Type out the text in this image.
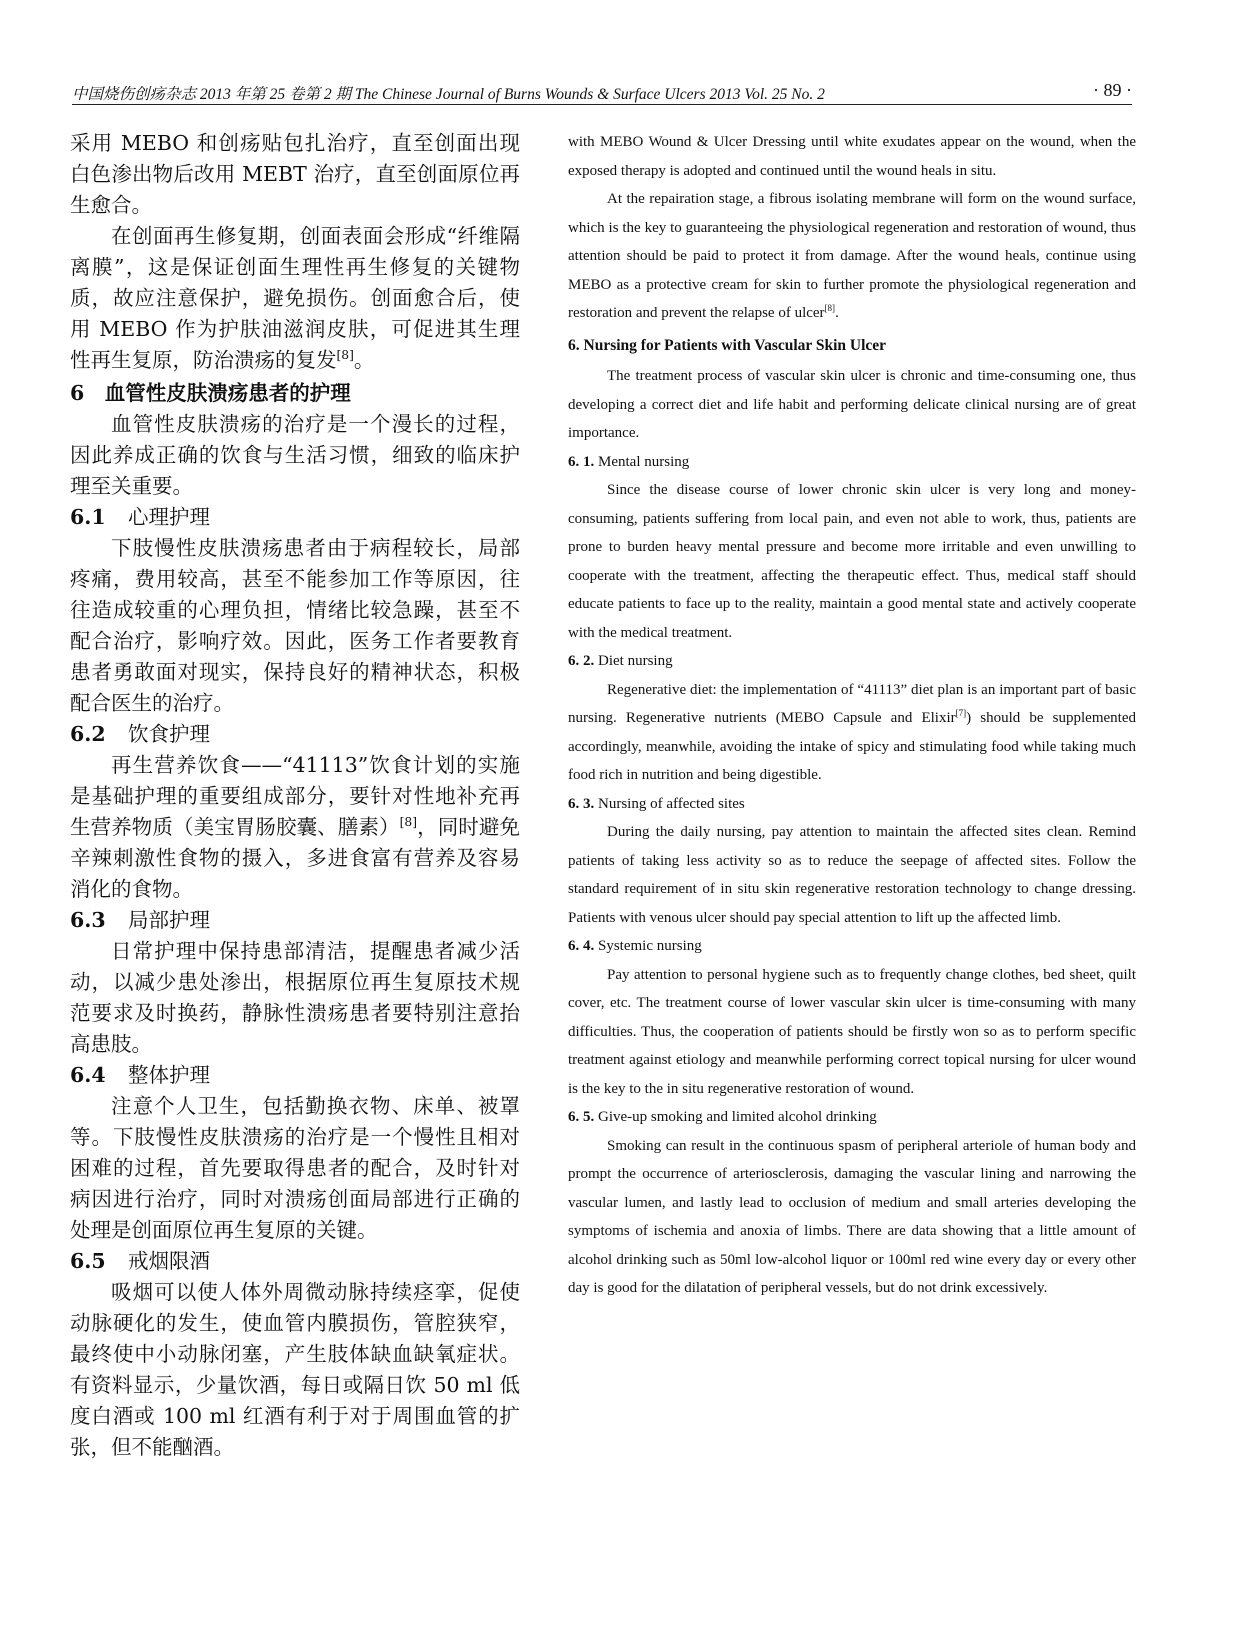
中国烧伤创疡杂志 2013 年第 25 卷第 2 期 The Chinese Journal of Burns Wounds & Surface Ulcers 2013 Vol. 25 No. 2	· 89 ·

采用 MEBO 和创疡贴包扎治疗，直至创面出现白色渗出物后改用 MEBT 治疗，直至创面原位再生愈合。

在创面再生修复期，创面表面会形成“纤维隔离膜”，这是保证创面生理性再生修复的关键物质，故应注意保护，避免损伤。创面愈合后，使用 MEBO 作为护肤油滋润皮肤，可促进其生理性再生复原，防治溃疡的复发[8]。

6　血管性皮肤溃疡患者的护理

血管性皮肤溃疡的治疗是一个漫长的过程，因此养成正确的饮食与生活习惯，细致的临床护理至关重要。

6.1 心理护理

下肢慢性皮肤溃疡患者由于病程较长，局部疼痛，费用较高，甚至不能参加工作等原因，往往造成较重的心理负担，情绪比较急躁，甚至不配合治疗，影响疗效。因此，医务工作者要教育患者勇敢面对现实，保持良好的精神状态，积极配合医生的治疗。

6.2 饮食护理

再生营养饮食——“41113”饮食计划的实施是基础护理的重要组成部分，要针对性地补充再生营养物质（美宝胃肠胶囊、膳素）[8]，同时避免辛辣刺激性食物的摄入，多进食富有营养及容易消化的食物。

6.3 局部护理

日常护理中保持患部清洁，提醒患者减少活动，以减少患处渗出，根据原位再生复原技术规范要求及时换药，静脉性溃疡患者要特别注意抬高患肢。

6.4 整体护理

注意个人卫生，包括勤换衣物、床单、被罩等。下肢慢性皮肤溃疡的治疗是一个慢性且相对困难的过程，首先要取得患者的配合，及时针对病因进行治疗，同时对溃疡创面局部进行正确的处理是创面原位再生复原的关键。

6.5 戒烟限酒

吸烟可以使人体外周微动脉持续痉挛，促使动脉硬化的发生，使血管内膜损伤，管腔狭窄，最终使中小动脉闭塞，产生肢体缺血缺氧症状。有资料显示，少量饮酒，每日或隔日饮 50 ml 低度白酒或 100 ml 红酒有利于对于周围血管的扩张，但不能酗酒。

with MEBO Wound & Ulcer Dressing until white exudates appear on the wound, when the exposed therapy is adopted and continued until the wound heals in situ.

At the repairation stage, a fibrous isolating membrane will form on the wound surface, which is the key to guaranteeing the physiological regeneration and restoration of wound, thus attention should be paid to protect it from damage. After the wound heals, continue using MEBO as a protective cream for skin to further promote the physiological regeneration and restoration and prevent the relapse of ulcer[8].

6. Nursing for Patients with Vascular Skin Ulcer

The treatment process of vascular skin ulcer is chronic and time-consuming one, thus developing a correct diet and life habit and performing delicate clinical nursing are of great importance.

6. 1. Mental nursing

Since the disease course of lower chronic skin ulcer is very long and money-consuming, patients suffering from local pain, and even not able to work, thus, patients are prone to burden heavy mental pressure and become more irritable and even unwilling to cooperate with the treatment, affecting the therapeutic effect. Thus, medical staff should educate patients to face up to the reality, maintain a good mental state and actively cooperate with the medical treatment.

6. 2. Diet nursing

Regenerative diet: the implementation of “41113” diet plan is an important part of basic nursing. Regenerative nutrients (MEBO Capsule and Elixir[7]) should be supplemented accordingly, meanwhile, avoiding the intake of spicy and stimulating food while taking much food rich in nutrition and being digestible.

6. 3. Nursing of affected sites

During the daily nursing, pay attention to maintain the affected sites clean. Remind patients of taking less activity so as to reduce the seepage of affected sites. Follow the standard requirement of in situ skin regenerative restoration technology to change dressing. Patients with venous ulcer should pay special attention to lift up the affected limb.

6. 4. Systemic nursing

Pay attention to personal hygiene such as to frequently change clothes, bed sheet, quilt cover, etc. The treatment course of lower vascular skin ulcer is time-consuming with many difficulties. Thus, the cooperation of patients should be firstly won so as to perform specific treatment against etiology and meanwhile performing correct topical nursing for ulcer wound is the key to the in situ regenerative restoration of wound.

6. 5. Give-up smoking and limited alcohol drinking

Smoking can result in the continuous spasm of peripheral arteriole of human body and prompt the occurrence of arteriosclerosis, damaging the vascular lining and narrowing the vascular lumen, and lastly lead to occlusion of medium and small arteries developing the symptoms of ischemia and anoxia of limbs. There are data showing that a little amount of alcohol drinking such as 50ml low-alcohol liquor or 100ml red wine every day or every other day is good for the dilatation of peripheral vessels, but do not drink excessively.
